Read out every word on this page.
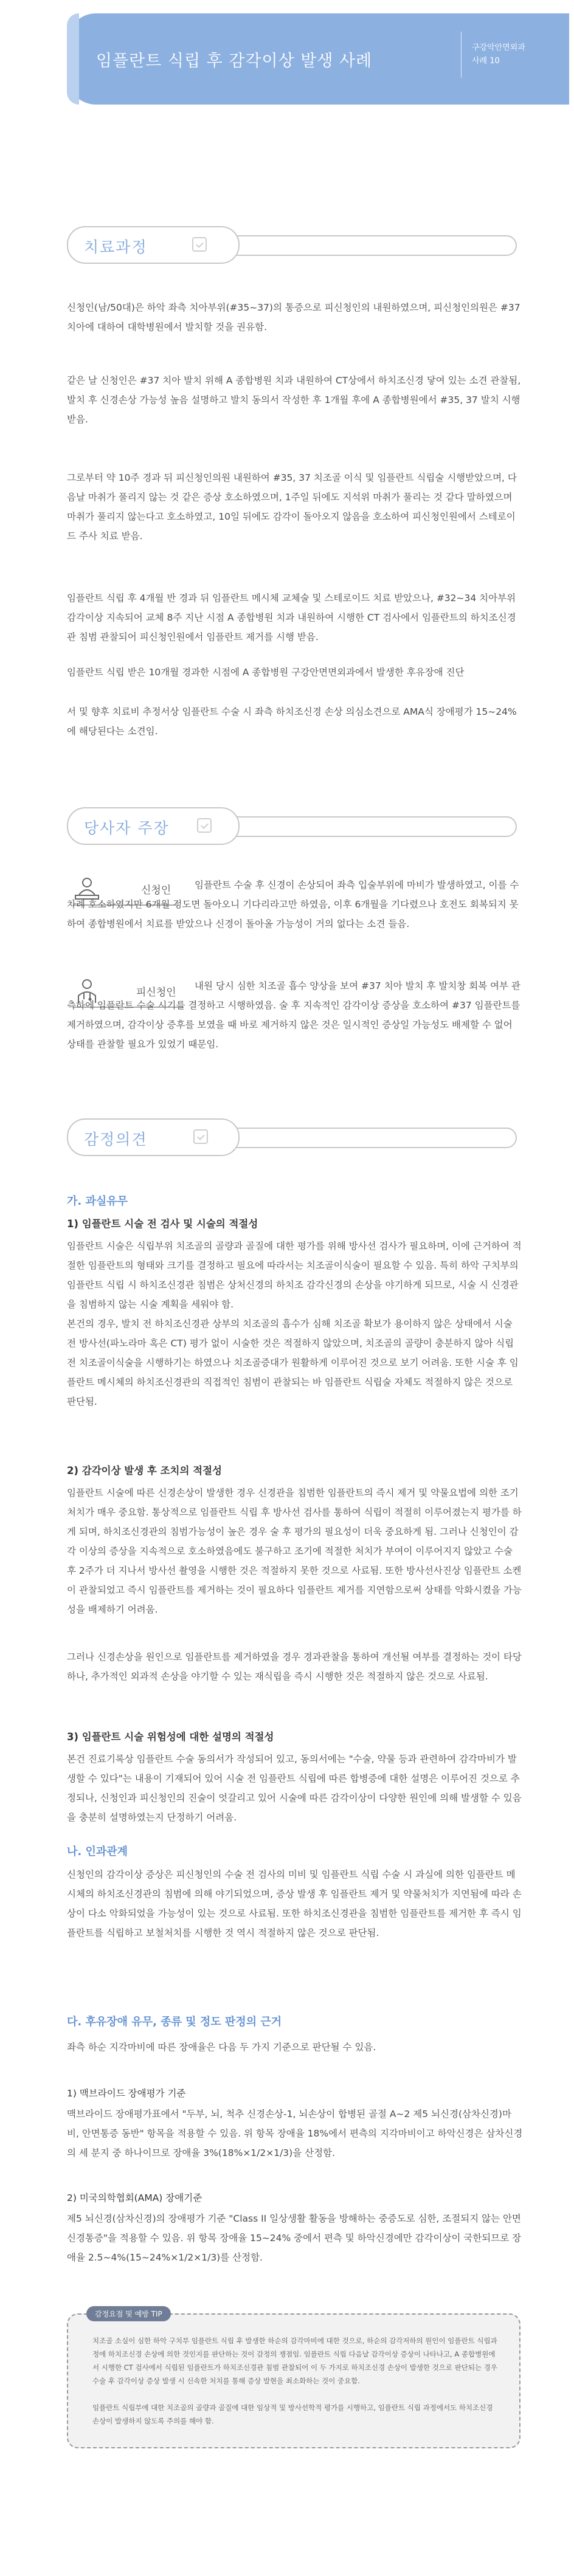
임플란트 식립 후 감각이상 발생 사례
구강악안면외과
사례 10
치료과정

신청인(남/50대)은 하악 좌측 치아부위(#35~37)의 통증으로 피신청인의 내원하였으며, 피신청인의원은 #37 치아에 대하여 대학병원에서 발치할 것을 권유함.

같은 날 신청인은 #37 치아 발치 위해 A 종합병원 치과 내원하여 CT상에서 하치조신경 닿여 있는 소견 관찰됨, 발치 후 신경손상 가능성 높음 설명하고 발치 동의서 작성한 후 1개월 후에 A 종합병원에서 #35, 37 발치 시행 받음.

그로부터 약 10주 경과 뒤 피신청인의원 내원하여 #35, 37 치조골 이식 및 임플란트 식립술 시행받았으며, 다음날 마취가 풀리지 않는 것 같은 증상 호소하였으며, 1주일 뒤에도 지석위 마취가 풀리는 것 같다 말하였으며 마취가 풀리지 않는다고 호소하였고, 10일 뒤에도 감각이 돌아오지 않음을 호소하여 피신청인원에서 스테로이드 주사 치료 받음.

임플란트 식립 후 4개월 반 경과 뒤 임플란트 메시체 교체술 및 스테로이드 치료 받았으나, #32~34 치아부위 감각이상 지속되어 교체 8주 지난 시점 A 종합병원 치과 내원하여 시행한 CT 검사에서 임플란트의 하치조신경관 침범 관찰되어 피신청인원에서 임플란트 제거를 시행 받음.

임플란트 식립 받은 10개월 경과한 시점에 A 종합병원 구강안면면외과에서 발생한 후유장애 진단

서 및 향후 치료비 추정서상 임플란트 수술 시 좌측 하치조신경 손상 의심소견으로 AMA식 장애평가 15~24%에 해당된다는 소견임.

당사자 주장
신청인	임플란트 수술 후 신경이 손상되어 좌측 입술부위에 마비가 발생하였고, 이를 수차례 호소하였지만 6개월 정도면 돌아오니 기다리라고만 하였음, 이후 6개월을 기다렸으나 호전도 회복되지 못하여 종합병원에서 치료를 받았으나 신경이 돌아올 가능성이 거의 없다는 소견 들음.

피신청인

내원 당시 심한 치조골 흡수 양상을 보여 #37 치아 발치 후 발치창 회복 여부 관측하에 임플란트 수술 시기를 결정하고 시행하였음. 술 후 지속적인 감각이상 증상을 호소하여 #37 임플란트를 제거하였으며, 감각이상 증후를 보였을 때 바로 제거하지 않은 것은 일시적인 증상일 가능성도 배제할 수 없어 상태를 관찰할 필요가 있었기 때문임.

감정의견
가. 과실유무
1) 임플란트 시술 전 검사 및 시술의 적절성

임플란트 시술은 식립부위 치조골의 골량과 골질에 대한 평가를 위해 방사선 검사가 필요하며, 이에 근거하여 적절한 임플란트의 형태와 크기를 결정하고 필요에 따라서는 치조골이식술이 필요할 수 있음. 특히 하악 구치부의 임플란트 식립 시 하치조신경관 침범은 상처신경의 하치조 감각신경의 손상을 야기하게 되므로, 시술 시 신경관을 침범하지 않는 시술 계획을 세워야 함.

본건의 경우, 발치 전 하치조신경관 상부의 치조골의 흡수가 심해 치조골 확보가 용이하지 않은 상태에서 시술 전 방사선(파노라마 혹은 CT) 평가 없이 시술한 것은 적절하지 않았으며, 치조골의 골량이 충분하지 않아 식립 전 치조골이식술을 시행하기는 하였으나 치조골증대가 원활하게 이루어진 것으로 보기 어려움. 또한 시술 후 임플란트 메시체의 하치조신경관의 직접적인 침범이 관찰되는 바 임플란트 식립술 자체도 적절하지 않은 것으로 판단됨.

2) 감각이상 발생 후 조치의 적절성

임플란트 시술에 따른 신경손상이 발생한 경우 신경관을 침범한 임플란트의 즉시 제거 및 약물요법에 의한 조기 처치가 매우 중요함. 통상적으로 임플란트 식립 후 방사선 검사를 통하여 식립이 적절히 이루어졌는지 평가를 하게 되며, 하치조신경관의 침범가능성이 높은 경우 술 후 평가의 필요성이 더욱 중요하게 됨. 그러나 신청인이 감각 이상의 증상을 지속적으로 호소하였음에도 불구하고 조기에 적절한 처치가 부여이 이루어지지 않았고 수술 후 2주가 더 지나서 방사선 촬영을 시행한 것은 적절하지 못한 것으로 사료됨. 또한 방사선사진상 임플란트 소켄이 관찰되었고 즉시 임플란트를 제거하는 것이 필요하다 임플란트 제거를 지연함으로써 상태를 악화시켰을 가능성을 배제하기 어려움.

그러나 신경손상을 원인으로 임플란트를 제거하였을 경우 경과관찰을 통하여 개선될 여부를 결정하는 것이 타당하나, 추가적인 외과적 손상을 야기할 수 있는 재식립을 즉시 시행한 것은 적절하지 않은 것으로 사료됨.

3) 임플란트 시술 위험성에 대한 설명의 적절성

본건 진료기록상 임플란트 수술 동의서가 작성되어 있고, 동의서에는 "수술, 약물 등과 관련하여 감각마비가 발생할 수 있다"는 내용이 기재되어 있어 시술 전 임플란트 식립에 따른 합병증에 대한 설명은 이루어진 것으로 추정되나, 신청인과 피신청인의 진술이 엇갈리고 있어 시술에 따른 감각이상이 다양한 원인에 의해 발생할 수 있음을 충분히 설명하였는지 단정하기 어려움.

나. 인과관계

신청인의 감각이상 증상은 피신청인의 수술 전 검사의 미비 및 임플란트 식립 수술 시 과실에 의한 임플란트 메시체의 하치조신경관의 침범에 의해 야기되었으며, 증상 발생 후 임플란트 제거 및 약물처치가 지연됨에 따라 손상이 다소 악화되었을 가능성이 있는 것으로 사료됨. 또한 하치조신경관을 침범한 임플란트를 제거한 후 즉시 임플란트를 식립하고 보철처치를 시행한 것 역시 적절하지 않은 것으로 판단됨.

다. 후유장애 유무, 종류 및 정도 판정의 근거

좌측 하순 지각마비에 따른 장애율은 다음 두 가지 기준으로 판단될 수 있음.

1) 맥브라이드 장애평가 기준

맥브라이드 장애평가표에서 "두부, 뇌, 척추 신경손상-1, 뇌손상이 합병된 골절 A~2 제5 뇌신경(삼차신경)마비, 안면통증 동반" 항목을 적용할 수 있음. 위 항목 장애율 18%에서 편측의 지각마비이고 하악신경은 삼차신경의 세 분지 중 하나이므로 장애율 3%(18%×1/2×1/3)을 산정함.

2) 미국의학협회(AMA) 장애기준

제5 뇌신경(삼차신경)의 장애평가 기준 "Class II 일상생활 활동을 방해하는 중증도로 심한, 조절되지 않는 안면 신경통증"을 적용할 수 있음. 위 항목 장애율 15~24% 중에서 편측 및 하악신경에만 감각이상이 국한되므로 장애율 2.5~4%(15~24%×1/2×1/3)를 산정함.

감정요점 및 예방 TIP

치조골 소실이 심한 하악 구치부 임플란트 식립 후 발생한 하순의 감각마비에 대한 것으로, 하순의 감각저하의 원인이 임플란트 식립과정에 하치조신경 손상에 의한 것인지를 판단하는 것이 감정의 쟁점임. 임플란트 식립 다음날 감각이상 증상이 나타나고, A 종합병원에서 시행한 CT 검사에서 식립된 임플란트가 하치조신경관 침범 관찰되어 이 두 가지로 하치조신경 손상이 발생한 것으로 판단되는 경우 수술 후 감각이상 증상 발생 시 신속한 처치를 통해 증상 발현을 최소화하는 것이 중요함.

임플란트 식립부에 대한 치조골의 골량과 골질에 대한 임상적 및 방사선학적 평가를 시행하고, 임플란트 식립 과정에서도 하치조신경 손상이 발생하지 않도록 주의를 해야 함.
